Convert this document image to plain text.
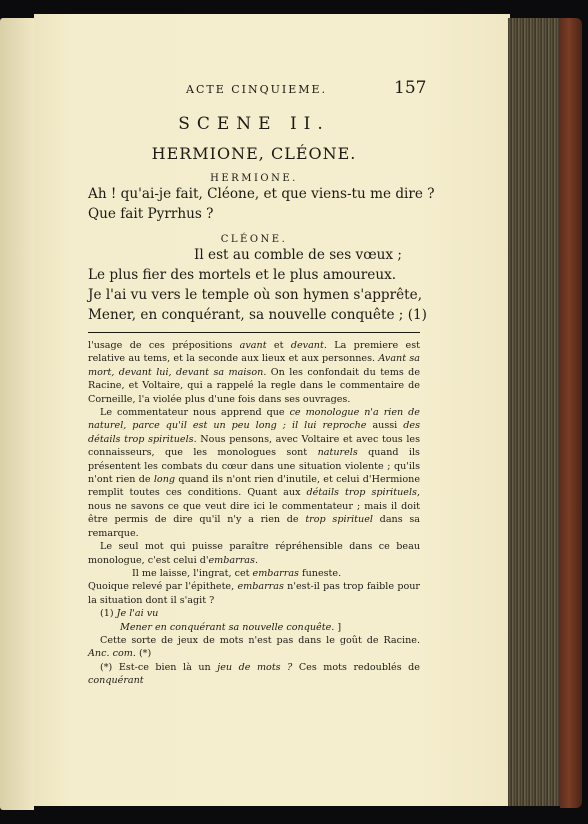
ACTE CINQUIEME.	157
SCENE II.
HERMIONE, CLÉONE.
HERMIONE.
Ah ! qu'ai-je fait, Cléone, et que viens-tu me dire ?
Que fait Pyrrhus ?
CLÉONE.
Il est au comble de ses vœux ;
Le plus fier des mortels et le plus amoureux.
Je l'ai vu vers le temple où son hymen s'apprête,
Mener, en conquérant, sa nouvelle conquête ; (1)

l'usage de ces prépositions avant et devant. La premiere est relative au tems, et la seconde aux lieux et aux personnes. Avant sa mort, devant lui, devant sa maison. On les confondait du tems de Racine, et Voltaire, qui a rappelé la regle dans le commentaire de Corneille, l'a violée plus d'une fois dans ses ouvrages.

Le commentateur nous apprend que ce monologue n'a rien de naturel, parce qu'il est un peu long ; il lui reproche aussi des détails trop spirituels. Nous pensons, avec Voltaire et avec tous les connaisseurs, que les monologues sont naturels quand ils présentent les combats du cœur dans une situation violente ; qu'ils n'ont rien de long quand ils n'ont rien d'inutile, et celui d'Hermione remplit toutes ces conditions. Quant aux détails trop spirituels, nous ne savons ce que veut dire ici le commentateur ; mais il doit être permis de dire qu'il n'y a rien de trop spirituel dans sa remarque.

Le seul mot qui puisse paraître répréhensible dans ce beau monologue, c'est celui d'embarras.

Il me laisse, l'ingrat, cet embarras funeste.

Quoique relevé par l'épithete, embarras n'est-il pas trop faible pour la situation dont il s'agit ?

(1) Je l'ai vu

Mener en conquérant sa nouvelle conquête. ]

Cette sorte de jeux de mots n'est pas dans le goût de Racine. Anc. com. (*)

(*) Est-ce bien là un jeu de mots ? Ces mots redoublés de conquérant
